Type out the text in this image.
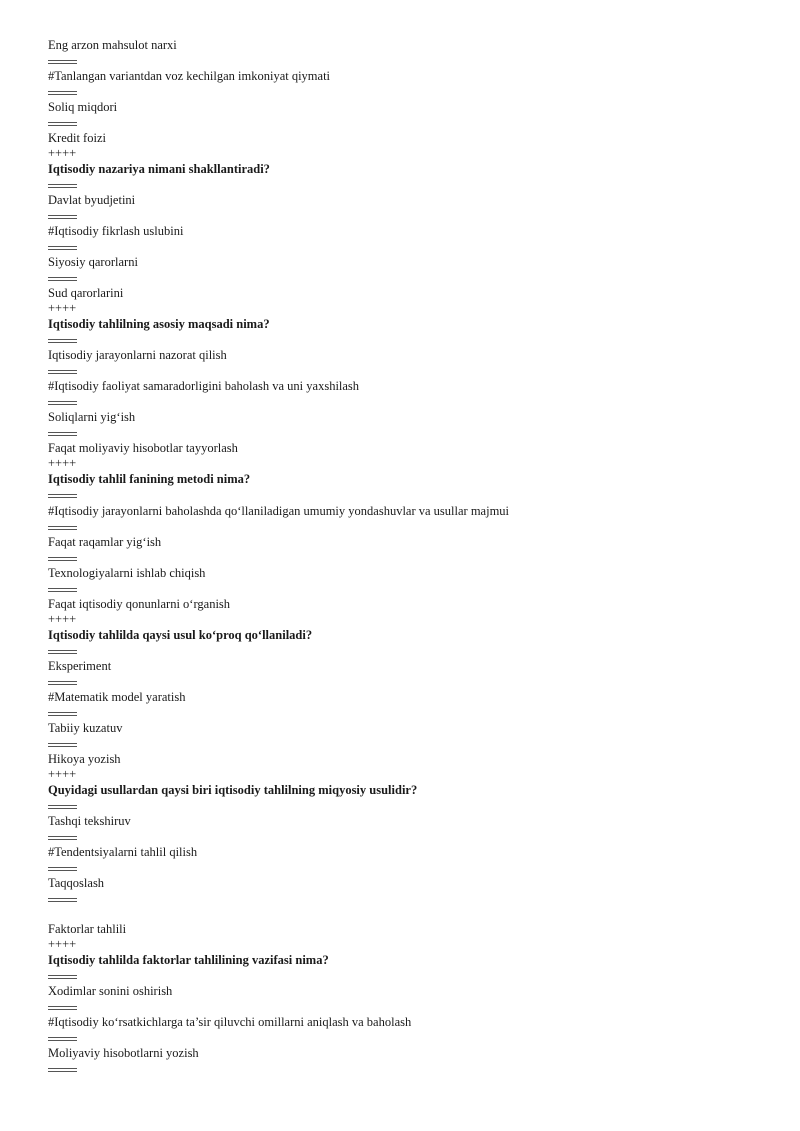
Eng arzon mahsulot narxi
#Tanlangan variantdan voz kechilgan imkoniyat qiymati
Soliq miqdori
Kredit foizi
++++
Iqtisodiy nazariya nimani shakllantiradi?
Davlat byudjetini
#Iqtisodiy fikrlash uslubini
Siyosiy qarorlarni
Sud qarorlarini
++++
Iqtisodiy tahlilning asosiy maqsadi nima?
Iqtisodiy jarayonlarni nazorat qilish
#Iqtisodiy faoliyat samaradorligini baholash va uni yaxshilash
Soliqlarni yig‘ish
Faqat moliyaviy hisobotlar tayyorlash
++++
Iqtisodiy tahlil fanining metodi nima?
#Iqtisodiy jarayonlarni baholashda qo‘llaniladigan umumiy yondashuvlar va usullar majmui
Faqat raqamlar yig‘ish
Texnologiyalarni ishlab chiqish
Faqat iqtisodiy qonunlarni o‘rganish
++++
Iqtisodiy tahlilda qaysi usul ko‘proq qo‘llaniladi?
Eksperiment
#Matematik model yaratish
Tabiiy kuzatuv
Hikoya yozish
++++
Quyidagi usullardan qaysi biri iqtisodiy tahlilning miqyosiy usulidir?
Tashqi tekshiruv
#Tendentsiyalarni tahlil qilish
Taqqoslash
Faktorlar tahlili
++++
Iqtisodiy tahlilda faktorlar tahlilining vazifasi nima?
Xodimlar sonini oshirish
#Iqtisodiy ko‘rsatkichlarga ta’sir qiluvchi omillarni aniqlash va baholash
Moliyaviy hisobotlarni yozish
